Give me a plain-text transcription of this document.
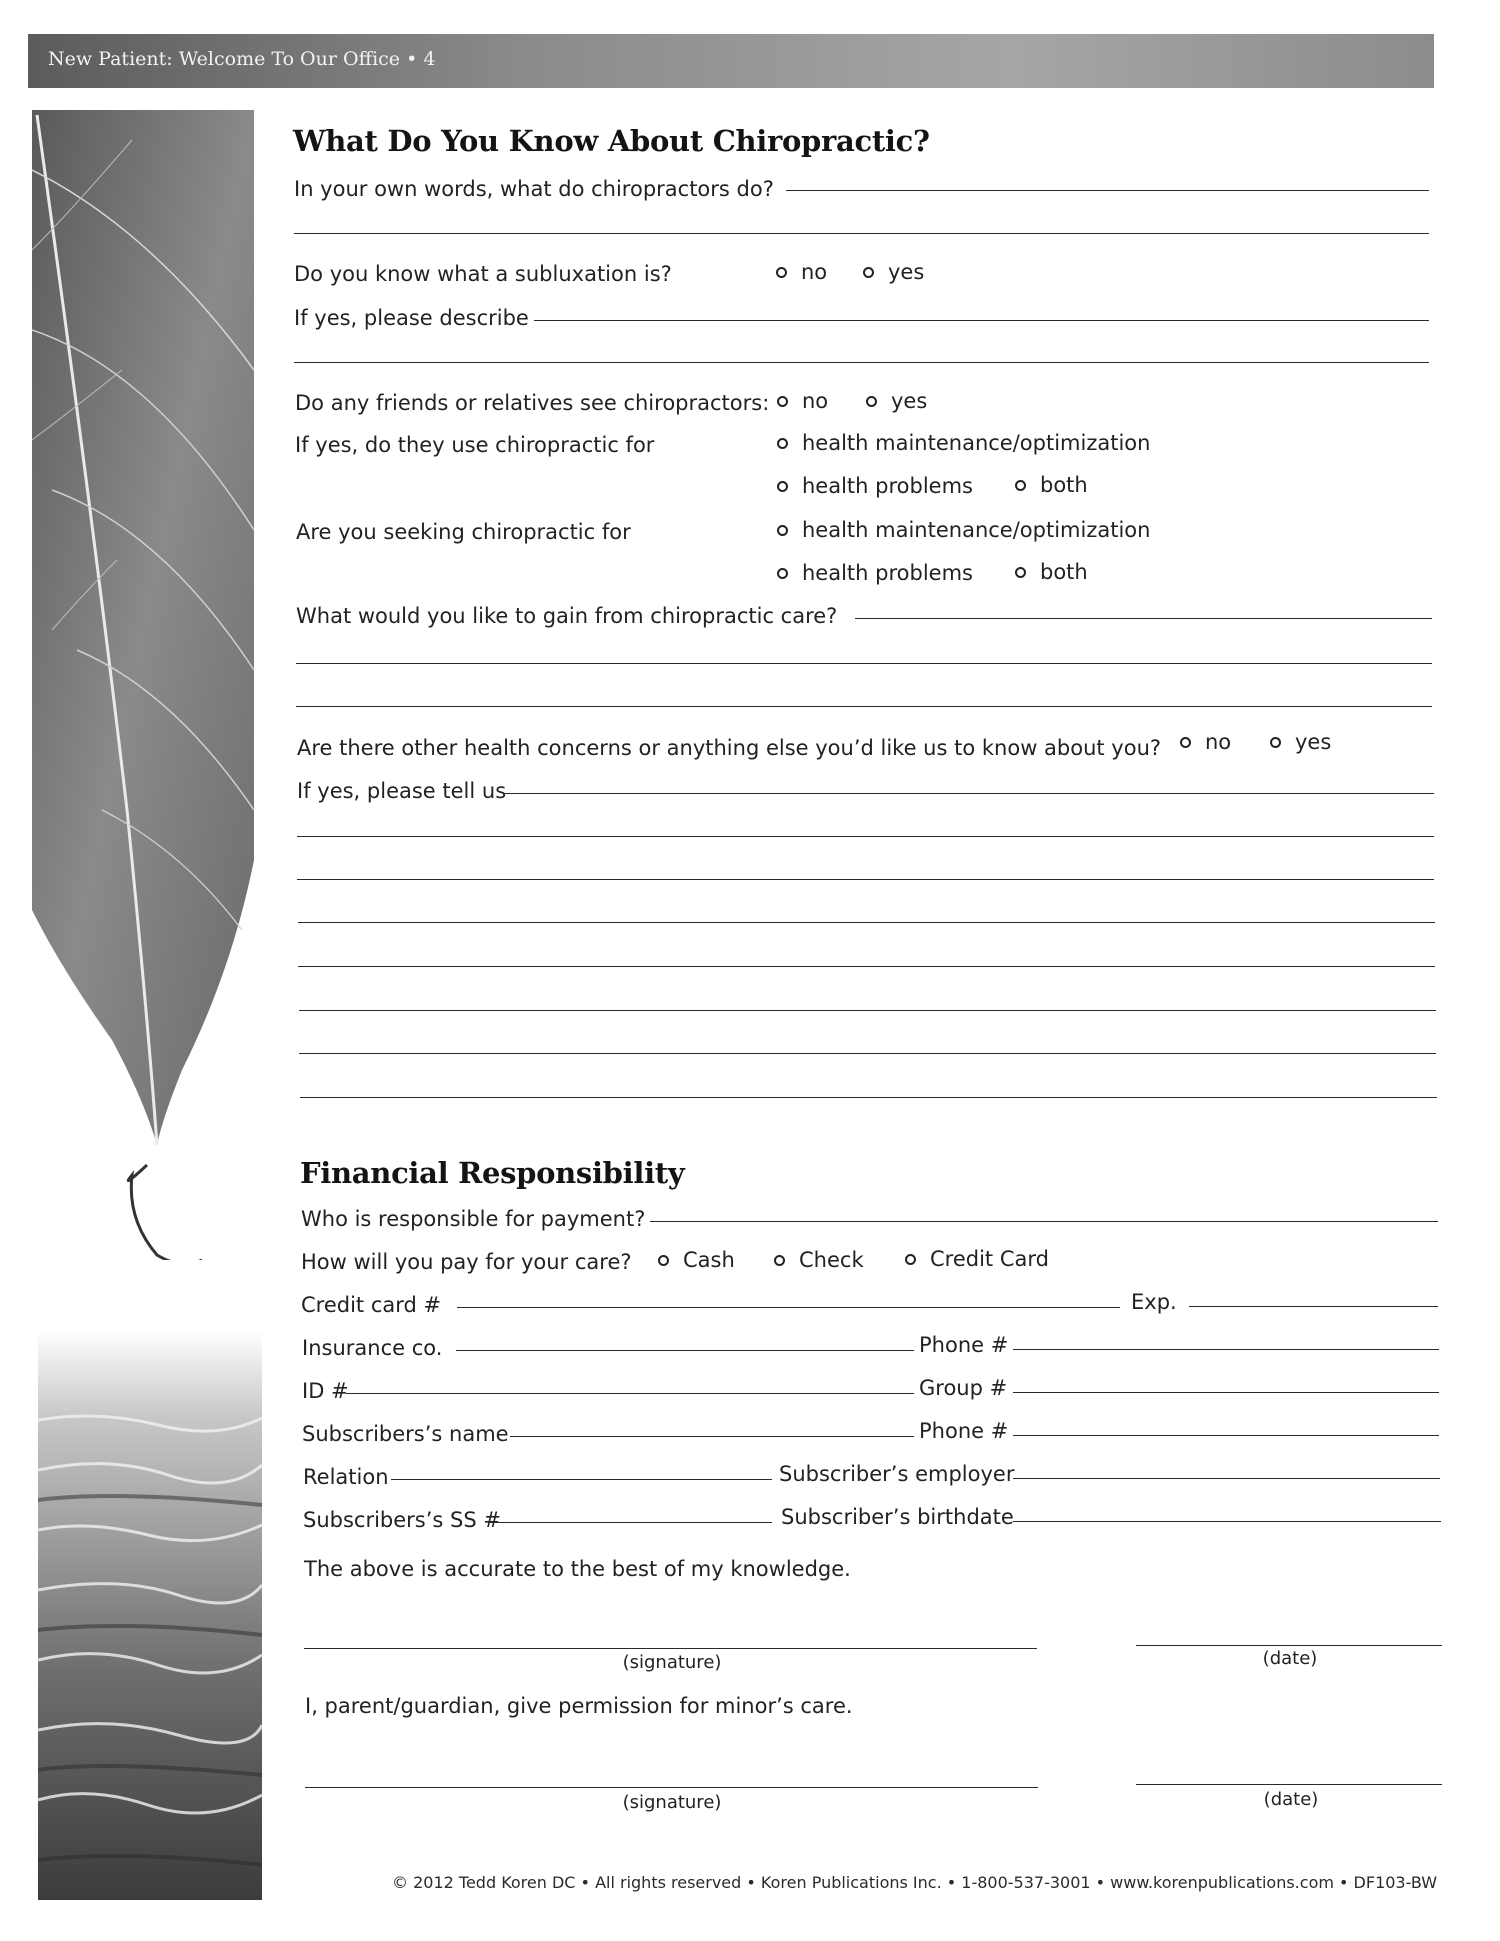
New Patient: Welcome To Our Office • 4
What Do You Know About Chiropractic?
In your own words, what do chiropractors do?
Do you know what a subluxation is?	no	yes
If yes, please describe
Do any friends or relatives see chiropractors: no	yes
If yes, do they use chiropractic for	health maintenance/optimization
health problems	both
Are you seeking chiropractic for	health maintenance/optimization
health problems	both
What would you like to gain from chiropractic care?
Are there other health concerns or anything else you’d like us to know about you? no	yes
If yes, please tell us
Financial Responsibility
Who is responsible for payment?
How will you pay for your care? Cash	Check	Credit Card
Credit card #	Exp.
Insurance co.	Phone #
ID #	Group #
Subscribers’s name	Phone #
Relation	Subscriber’s employer
Subscribers’s SS #	Subscriber’s birthdate
The above is accurate to the best of my knowledge.
(signature)	(date)
I, parent/guardian, give permission for minor’s care.
(signature)	(date)
© 2012 Tedd Koren DC • All rights reserved • Koren Publications Inc. • 1-800-537-3001 • www.korenpublications.com • DF103-BW
